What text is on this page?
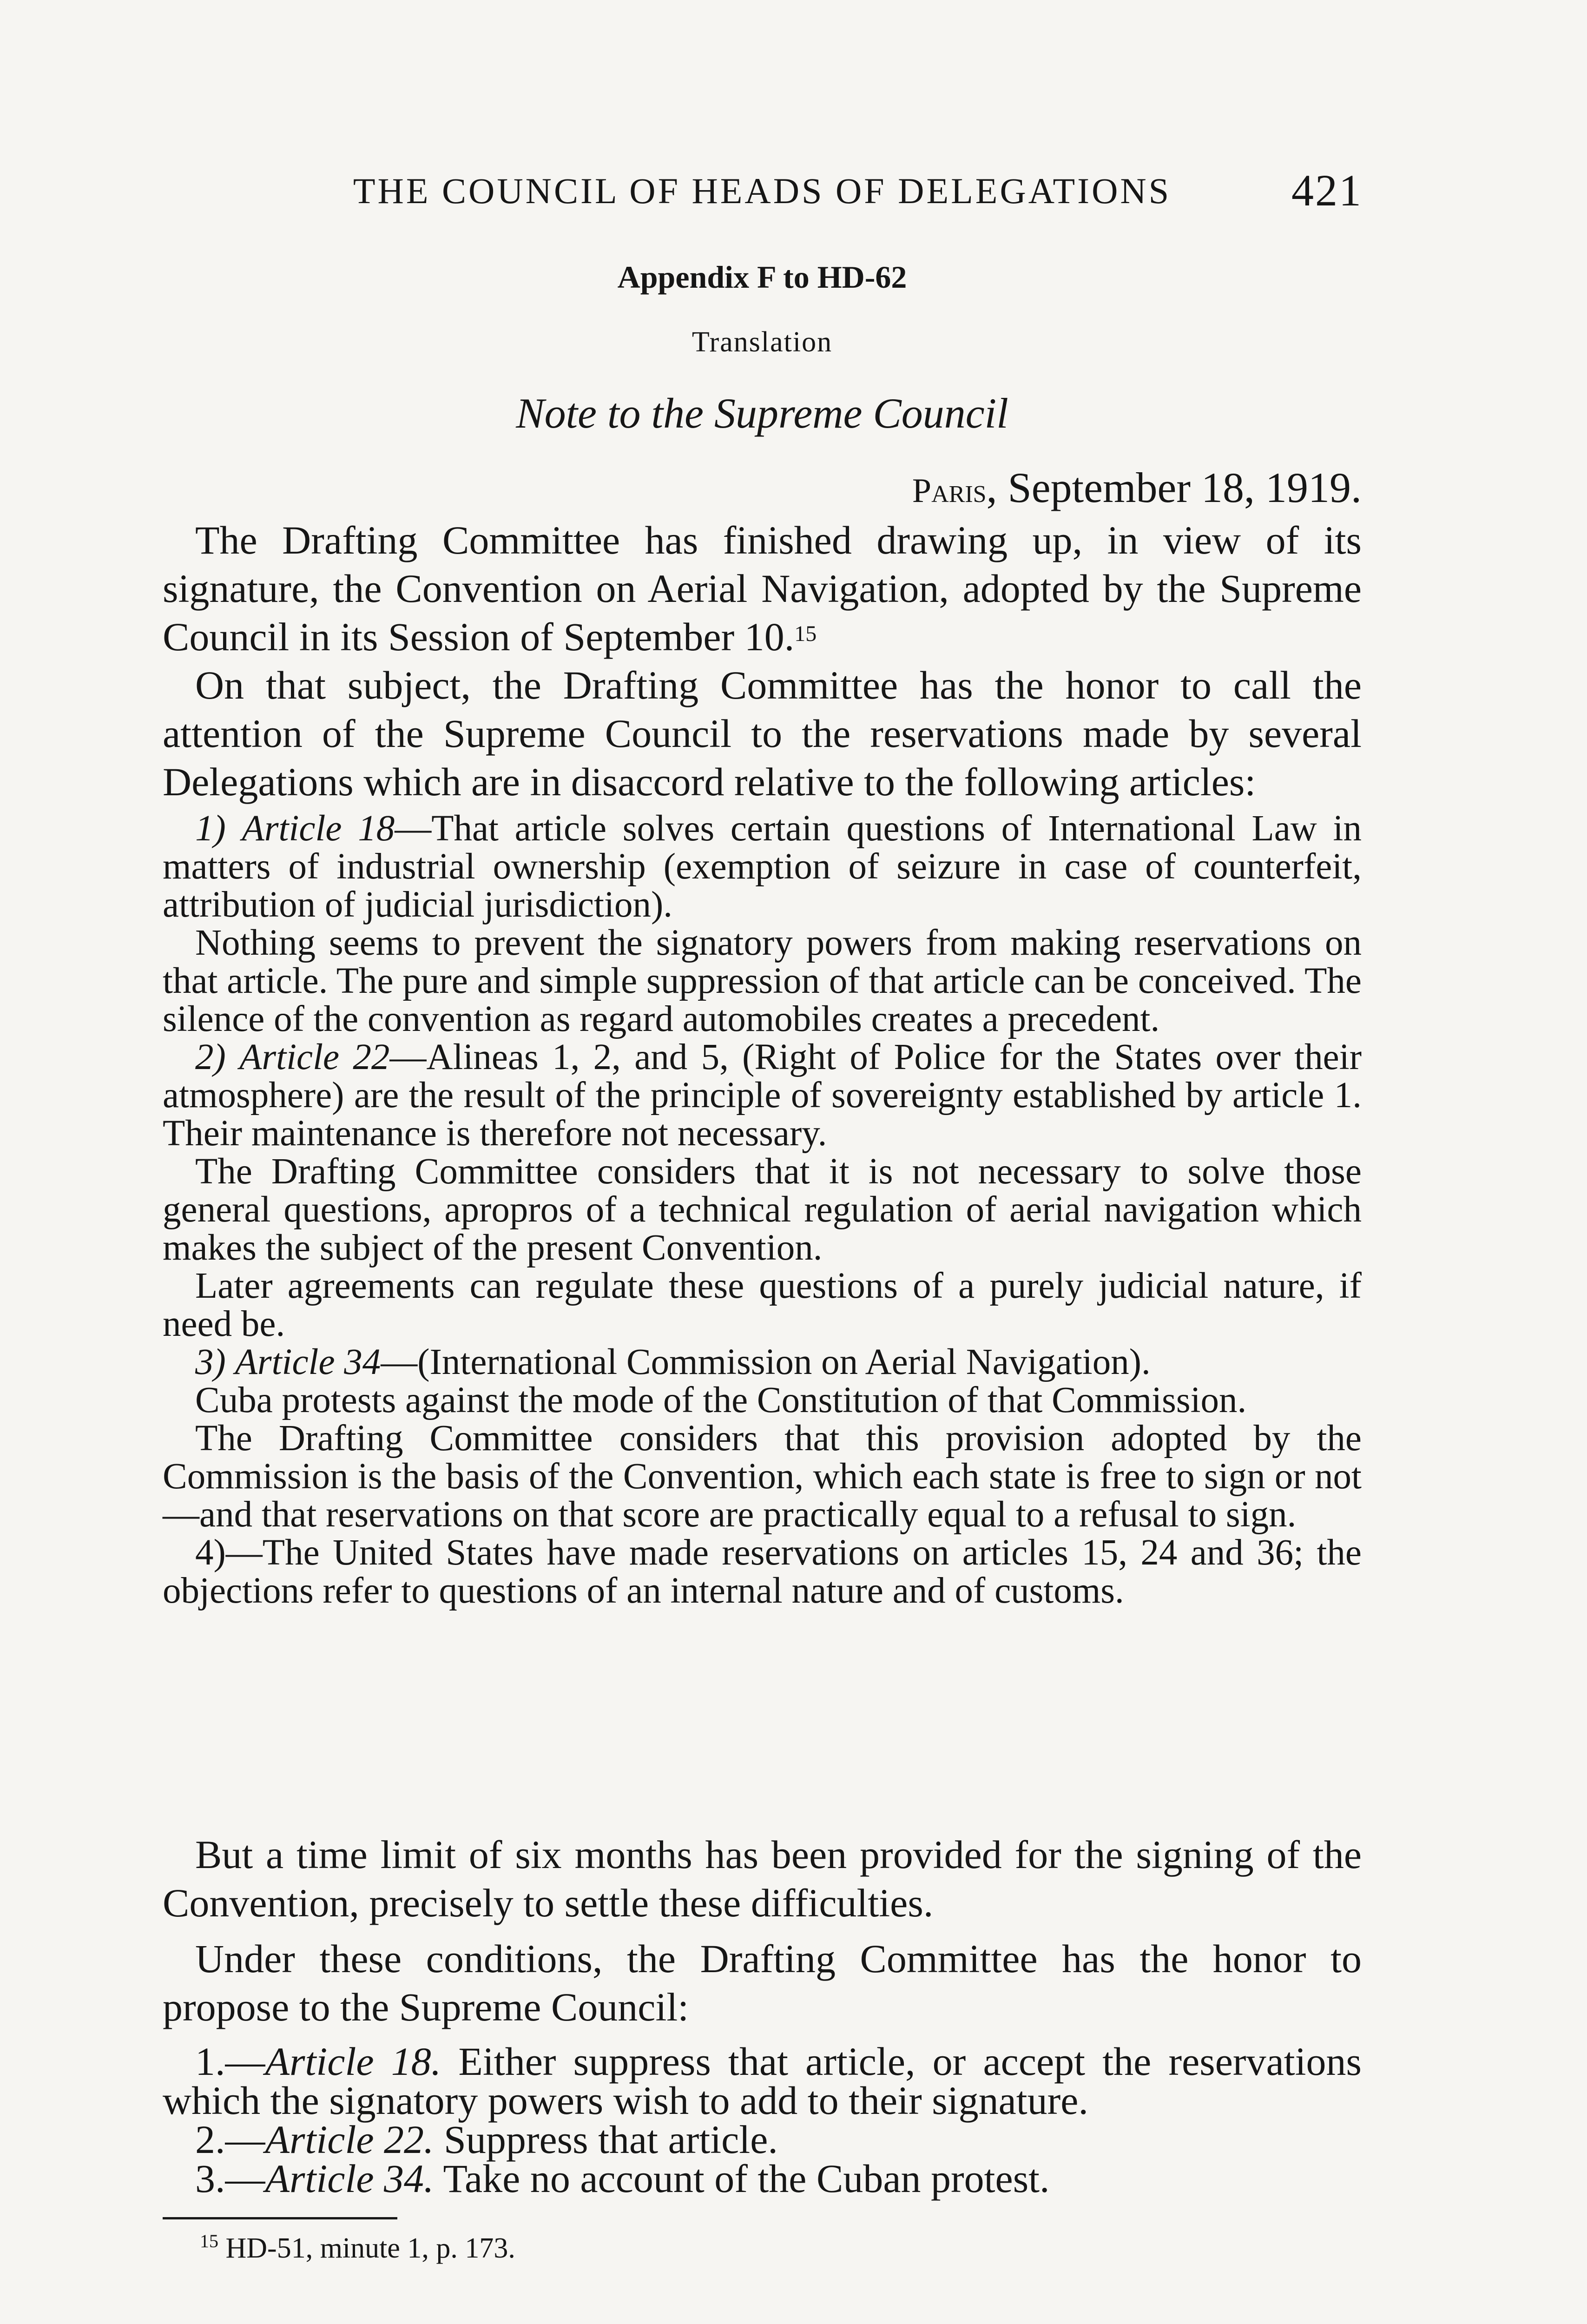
THE COUNCIL OF HEADS OF DELEGATIONS	421
Appendix F to HD-62
Translation
Note to the Supreme Council
Paris, September 18, 1919.

The Drafting Committee has finished drawing up, in view of its signature, the Convention on Aerial Navigation, adopted by the Supreme Council in its Session of September 10.15

On that subject, the Drafting Committee has the honor to call the attention of the Supreme Council to the reservations made by several Delegations which are in disaccord relative to the following articles:

1) Article 18—That article solves certain questions of International Law in matters of industrial ownership (exemption of seizure in case of counterfeit, attribution of judicial jurisdiction).

Nothing seems to prevent the signatory powers from making reservations on that article. The pure and simple suppression of that article can be conceived. The silence of the convention as regard automobiles creates a precedent.

2) Article 22—Alineas 1, 2, and 5, (Right of Police for the States over their atmosphere) are the result of the principle of sovereignty established by article 1. Their maintenance is therefore not necessary.

The Drafting Committee considers that it is not necessary to solve those general questions, apropros of a technical regulation of aerial navigation which makes the subject of the present Convention.

Later agreements can regulate these questions of a purely judicial nature, if need be.

3) Article 34—(International Commission on Aerial Navigation).

Cuba protests against the mode of the Constitution of that Commission.

The Drafting Committee considers that this provision adopted by the Commission is the basis of the Convention, which each state is free to sign or not—and that reservations on that score are practically equal to a refusal to sign.

4)—The United States have made reservations on articles 15, 24 and 36; the objections refer to questions of an internal nature and of customs.

But a time limit of six months has been provided for the signing of the Convention, precisely to settle these difficulties.

Under these conditions, the Drafting Committee has the honor to propose to the Supreme Council:

1.—Article 18. Either suppress that article, or accept the reservations which the signatory powers wish to add to their signature.

2.—Article 22. Suppress that article.

3.—Article 34. Take no account of the Cuban protest.

$^{15}$ HD-51, minute 1, p. 173.
